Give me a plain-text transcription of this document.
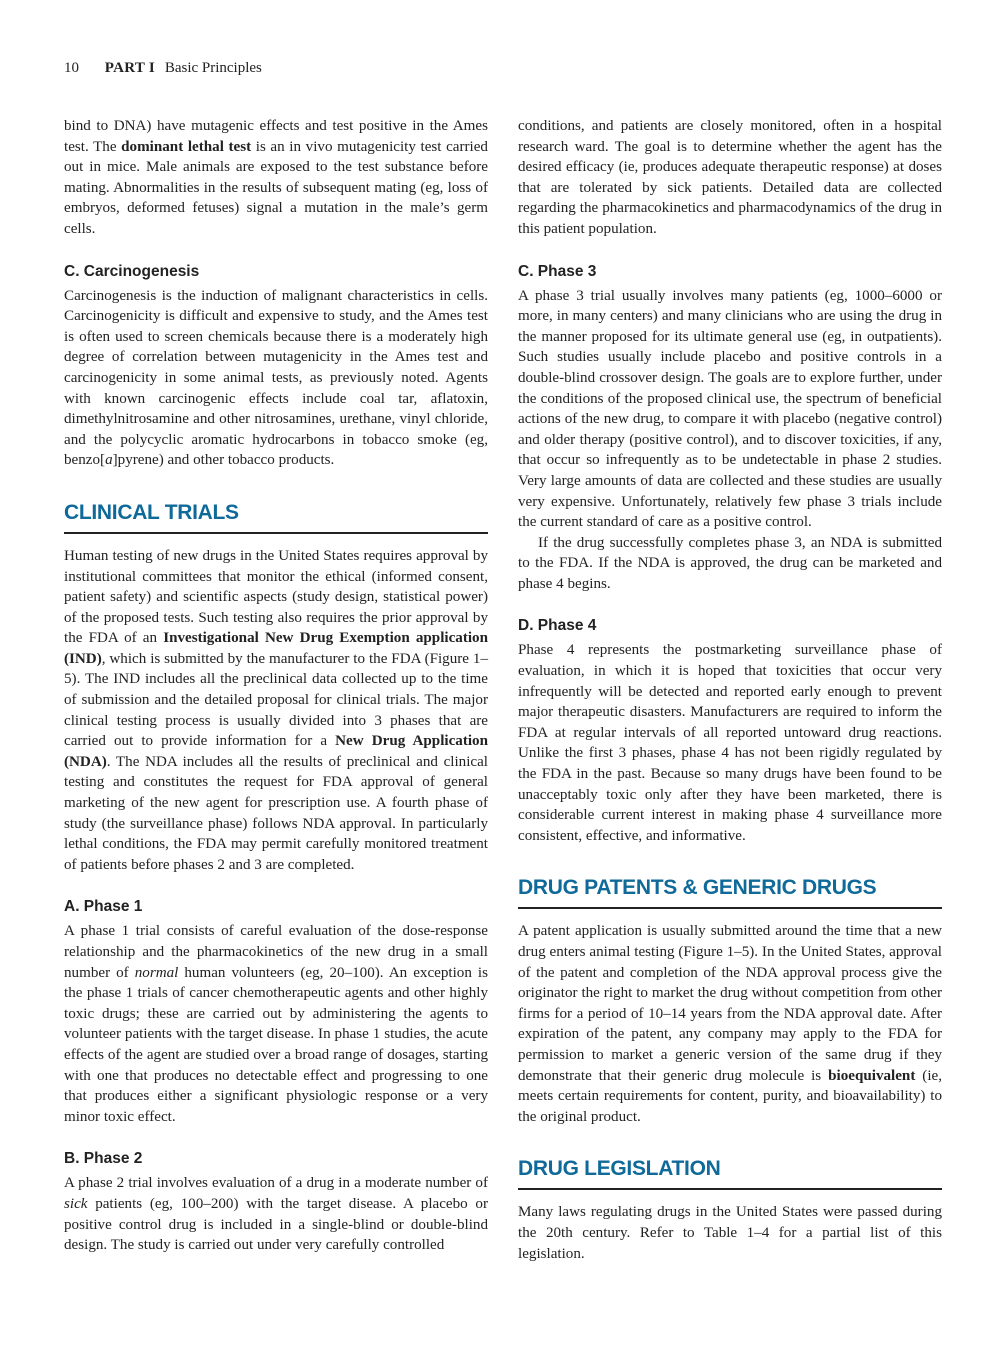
10 PART I Basic Principles

bind to DNA) have mutagenic effects and test positive in the Ames test. The dominant lethal test is an in vivo mutagenicity test carried out in mice. Male animals are exposed to the test substance before mating. Abnormalities in the results of subsequent mating (eg, loss of embryos, deformed fetuses) signal a mutation in the male’s germ cells.

C. Carcinogenesis

Carcinogenesis is the induction of malignant characteristics in cells. Carcinogenicity is difficult and expensive to study, and the Ames test is often used to screen chemicals because there is a moderately high degree of correlation between mutagenicity in the Ames test and carcinogenicity in some animal tests, as previously noted. Agents with known carcinogenic effects include coal tar, aflatoxin, dimethylnitrosamine and other nitrosamines, urethane, vinyl chloride, and the polycyclic aromatic hydrocarbons in tobacco smoke (eg, benzo[a]pyrene) and other tobacco products.

CLINICAL TRIALS

Human testing of new drugs in the United States requires approval by institutional committees that monitor the ethical (informed consent, patient safety) and scientific aspects (study design, statistical power) of the proposed tests. Such testing also requires the prior approval by the FDA of an Investigational New Drug Exemption application (IND), which is submitted by the manufacturer to the FDA (Figure 1–5). The IND includes all the preclinical data collected up to the time of submission and the detailed proposal for clinical trials. The major clinical testing process is usually divided into 3 phases that are carried out to provide information for a New Drug Application (NDA). The NDA includes all the results of preclinical and clinical testing and constitutes the request for FDA approval of general marketing of the new agent for prescription use. A fourth phase of study (the surveillance phase) follows NDA approval. In particularly lethal conditions, the FDA may permit carefully monitored treatment of patients before phases 2 and 3 are completed.

A. Phase 1

A phase 1 trial consists of careful evaluation of the dose-response relationship and the pharmacokinetics of the new drug in a small number of normal human volunteers (eg, 20–100). An exception is the phase 1 trials of cancer chemotherapeutic agents and other highly toxic drugs; these are carried out by administering the agents to volunteer patients with the target disease. In phase 1 studies, the acute effects of the agent are studied over a broad range of dosages, starting with one that produces no detectable effect and progressing to one that produces either a significant physiologic response or a very minor toxic effect.

B. Phase 2

A phase 2 trial involves evaluation of a drug in a moderate number of sick patients (eg, 100–200) with the target disease. A placebo or positive control drug is included in a single-blind or double-blind design. The study is carried out under very carefully controlled

conditions, and patients are closely monitored, often in a hospital research ward. The goal is to determine whether the agent has the desired efficacy (ie, produces adequate therapeutic response) at doses that are tolerated by sick patients. Detailed data are collected regarding the pharmacokinetics and pharmacodynamics of the drug in this patient population.

C. Phase 3

A phase 3 trial usually involves many patients (eg, 1000–6000 or more, in many centers) and many clinicians who are using the drug in the manner proposed for its ultimate general use (eg, in outpatients). Such studies usually include placebo and positive controls in a double-blind crossover design. The goals are to explore further, under the conditions of the proposed clinical use, the spectrum of beneficial actions of the new drug, to compare it with placebo (negative control) and older therapy (positive control), and to discover toxicities, if any, that occur so infrequently as to be undetectable in phase 2 studies. Very large amounts of data are collected and these studies are usually very expensive. Unfortunately, relatively few phase 3 trials include the current standard of care as a positive control.

If the drug successfully completes phase 3, an NDA is submitted to the FDA. If the NDA is approved, the drug can be marketed and phase 4 begins.

D. Phase 4

Phase 4 represents the postmarketing surveillance phase of evaluation, in which it is hoped that toxicities that occur very infrequently will be detected and reported early enough to prevent major therapeutic disasters. Manufacturers are required to inform the FDA at regular intervals of all reported untoward drug reactions. Unlike the first 3 phases, phase 4 has not been rigidly regulated by the FDA in the past. Because so many drugs have been found to be unacceptably toxic only after they have been marketed, there is considerable current interest in making phase 4 surveillance more consistent, effective, and informative.

DRUG PATENTS & GENERIC DRUGS

A patent application is usually submitted around the time that a new drug enters animal testing (Figure 1–5). In the United States, approval of the patent and completion of the NDA approval process give the originator the right to market the drug without competition from other firms for a period of 10–14 years from the NDA approval date. After expiration of the patent, any company may apply to the FDA for permission to market a generic version of the same drug if they demonstrate that their generic drug molecule is bioequivalent (ie, meets certain requirements for content, purity, and bioavailability) to the original product.

DRUG LEGISLATION

Many laws regulating drugs in the United States were passed during the 20th century. Refer to Table 1–4 for a partial list of this legislation.
